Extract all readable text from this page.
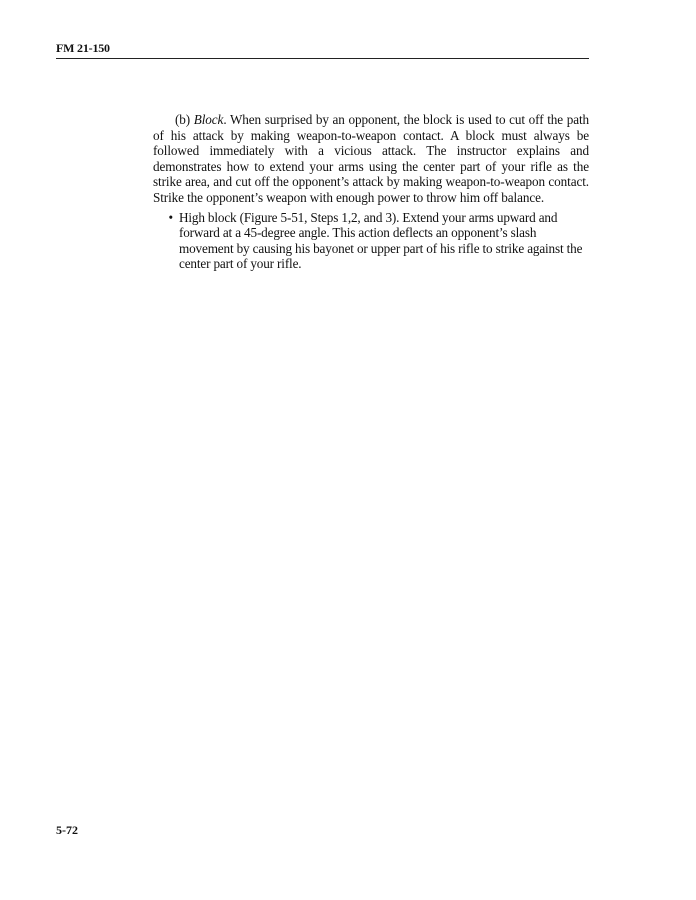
FM 21-150

(b) Block. When surprised by an opponent, the block is used to cut off the path of his attack by making weapon-to-weapon contact. A block must always be followed immediately with a vicious attack. The instructor explains and demonstrates how to extend your arms using the center part of your rifle as the strike area, and cut off the opponent’s attack by making weapon-to-weapon contact. Strike the opponent’s weapon with enough power to throw him off balance.

• High block (Figure 5-51, Steps 1,2, and 3). Extend your arms upward and forward at a 45-degree angle. This action deflects an opponent’s slash movement by causing his bayonet or upper part of his rifle to strike against the center part of your rifle.
5-72
